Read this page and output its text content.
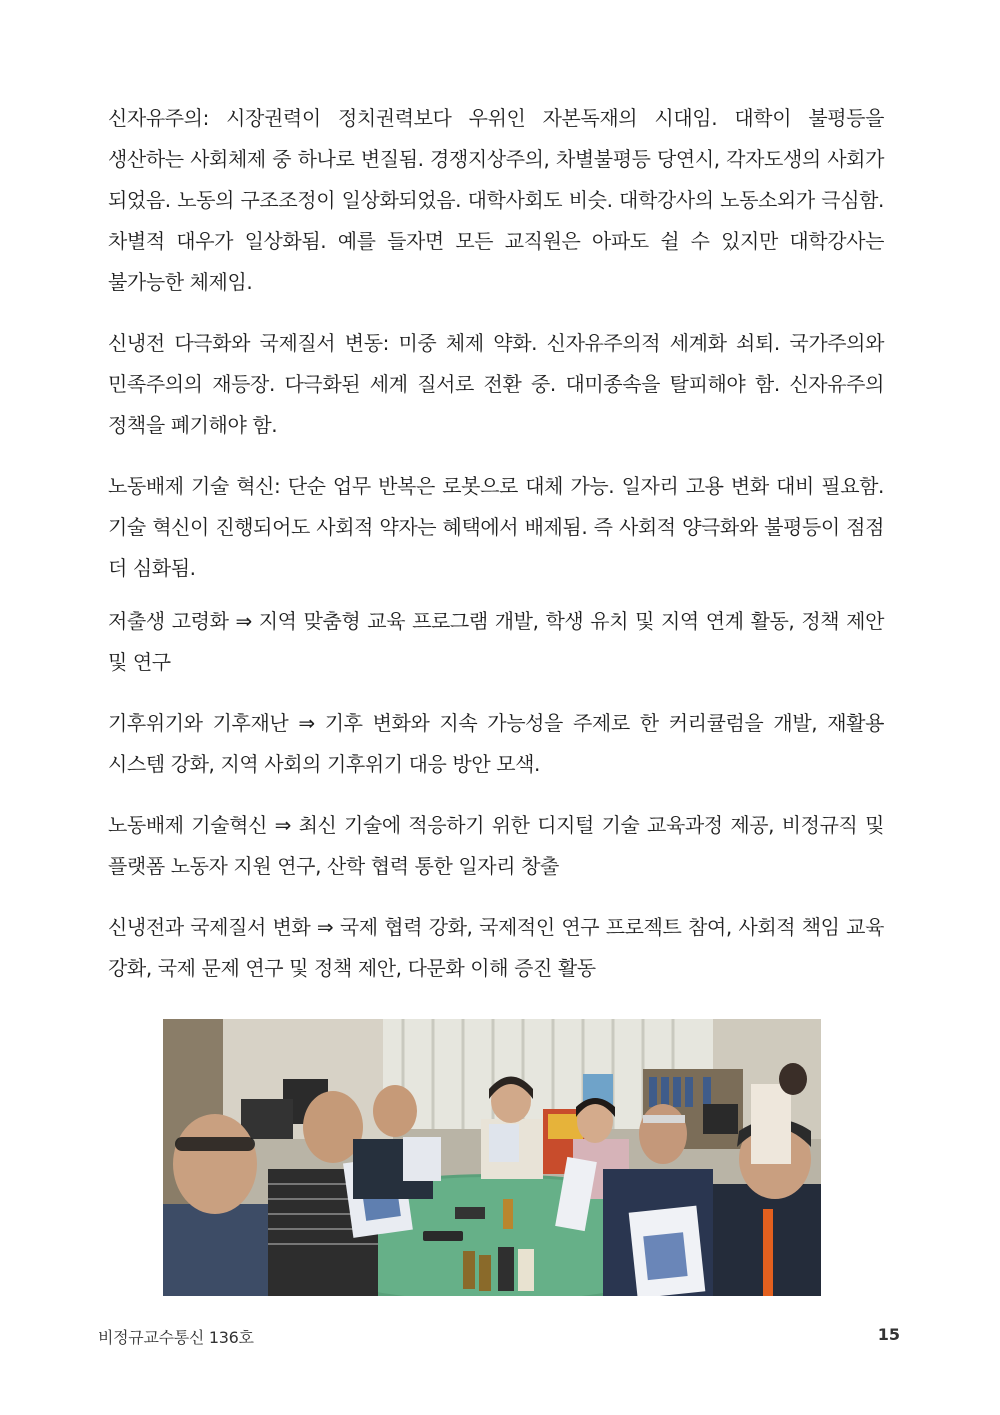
신자유주의: 시장권력이 정치권력보다 우위인 자본독재의 시대임. 대학이 불평등을 생산하는 사회체제 중 하나로 변질됨. 경쟁지상주의, 차별불평등 당연시, 각자도생의 사회가 되었음. 노동의 구조조정이 일상화되었음. 대학사회도 비슷. 대학강사의 노동소외가 극심함. 차별적 대우가 일상화됨. 예를 들자면 모든 교직원은 아파도 쉴 수 있지만 대학강사는 불가능한 체제임.

신냉전 다극화와 국제질서 변동: 미중 체제 약화. 신자유주의적 세계화 쇠퇴. 국가주의와 민족주의의 재등장. 다극화된 세계 질서로 전환 중. 대미종속을 탈피해야 함. 신자유주의 정책을 폐기해야 함.

노동배제 기술 혁신: 단순 업무 반복은 로봇으로 대체 가능. 일자리 고용 변화 대비 필요함. 기술 혁신이 진행되어도 사회적 약자는 혜택에서 배제됨. 즉 사회적 양극화와 불평등이 점점 더 심화됨.

저출생 고령화 ⇒ 지역 맞춤형 교육 프로그램 개발, 학생 유치 및 지역 연계 활동, 정책 제안 및 연구

기후위기와 기후재난 ⇒ 기후 변화와 지속 가능성을 주제로 한 커리큘럼을 개발, 재활용 시스템 강화, 지역 사회의 기후위기 대응 방안 모색.

노동배제 기술혁신 ⇒ 최신 기술에 적응하기 위한 디지털 기술 교육과정 제공, 비정규직 및 플랫폼 노동자 지원 연구, 산학 협력 통한 일자리 창출

신냉전과 국제질서 변화 ⇒ 국제 협력 강화, 국제적인 연구 프로젝트 참여, 사회적 책임 교육 강화, 국제 문제 연구 및 정책 제안, 다문화 이해 증진 활동

비정규교수통신 136호	15
